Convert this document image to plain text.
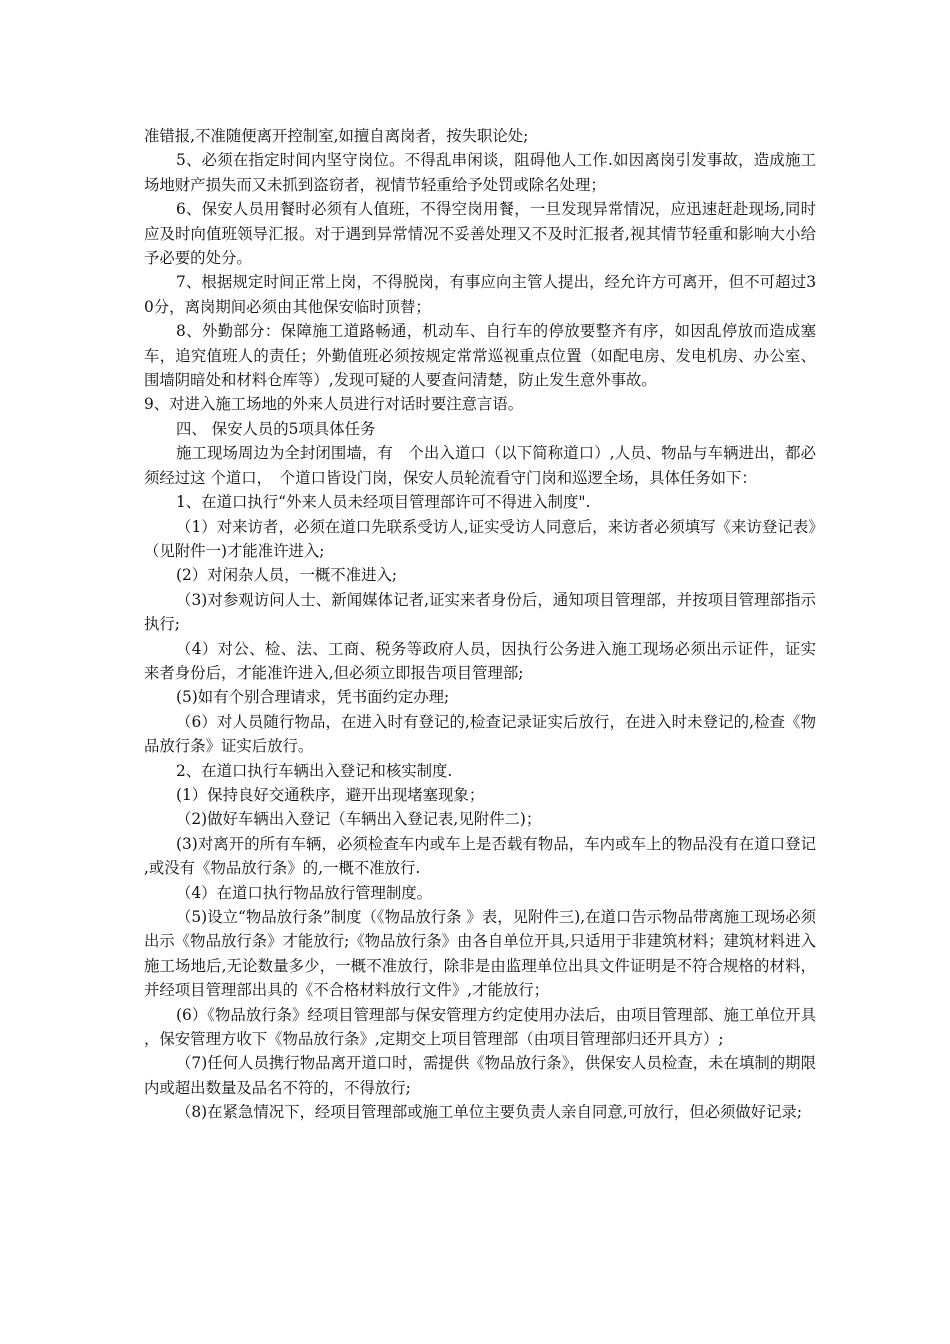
准错报,不准随便离开控制室,如擅自离岗者，按失职论处;

5、必须在指定时间内坚守岗位。不得乱串闲谈，阻碍他人工作.如因离岗引发事故，造成施工场地财产损失而又未抓到盗窃者，视情节轻重给予处罚或除名处理；

6、保安人员用餐时必须有人值班，不得空岗用餐，一旦发现异常情况，应迅速赶赴现场,同时应及时向值班领导汇报。对于遇到异常情况不妥善处理又不及时汇报者,视其情节轻重和影响大小给予必要的处分。

7、根据规定时间正常上岗，不得脱岗，有事应向主管人提出，经允许方可离开，但不可超过30分，离岗期间必须由其他保安临时顶替；

8、外勤部分：保障施工道路畅通，机动车、自行车的停放要整齐有序，如因乱停放而造成塞车，追究值班人的责任；外勤值班必须按规定常常巡视重点位置（如配电房、发电机房、办公室、围墙阴暗处和材料仓库等）,发现可疑的人要查问清楚，防止发生意外事故。

9、对进入施工场地的外来人员进行对话时要注意言语。

四、 保安人员的5项具体任务

施工现场周边为全封闭围墙，有　个出入道口（以下简称道口）,人员、物品与车辆进出，都必须经过这 个道口，　个道口皆设门岗，保安人员轮流看守门岗和巡逻全场，具体任务如下：

1、在道口执行“外来人员未经项目管理部许可不得进入制度".

（1）对来访者，必须在道口先联系受访人,证实受访人同意后，来访者必须填写《来访登记表》（见附件一)才能准许进入;

(2）对闲杂人员，一概不准进入;

（3)对参观访问人士、新闻媒体记者,证实来者身份后，通知项目管理部，并按项目管理部指示执行;

（4）对公、检、法、工商、税务等政府人员，因执行公务进入施工现场必须出示证件，证实来者身份后，才能准许进入,但必须立即报告项目管理部;

(5)如有个别合理请求，凭书面约定办理;

（6）对人员随行物品，在进入时有登记的,检查记录证实后放行，在进入时未登记的,检查《物品放行条》证实后放行。

2、在道口执行车辆出入登记和核实制度.

(1）保持良好交通秩序，避开出现堵塞现象；

（2)做好车辆出入登记（车辆出入登记表,见附件二)；

(3)对离开的所有车辆，必须检查车内或车上是否载有物品，车内或车上的物品没有在道口登记,或没有《物品放行条》的,一概不准放行.

（4）在道口执行物品放行管理制度。

（5)设立“物品放行条”制度（《物品放行条 》表，见附件三),在道口告示物品带离施工现场必须出示《物品放行条》才能放行;《物品放行条》由各自单位开具,只适用于非建筑材料；建筑材料进入施工场地后,无论数量多少，一概不准放行，除非是由监理单位出具文件证明是不符合规格的材料，并经项目管理部出具的《不合格材料放行文件》,才能放行；

(6）《物品放行条》经项目管理部与保安管理方约定使用办法后，由项目管理部、施工单位开具，保安管理方收下《物品放行条》,定期交上项目管理部（由项目管理部归还开具方）;

（7)任何人员携行物品离开道口时，需提供《物品放行条》，供保安人员检查，未在填制的期限内或超出数量及品名不符的，不得放行;

（8)在紧急情况下，经项目管理部或施工单位主要负责人亲自同意,可放行，但必须做好记录;
